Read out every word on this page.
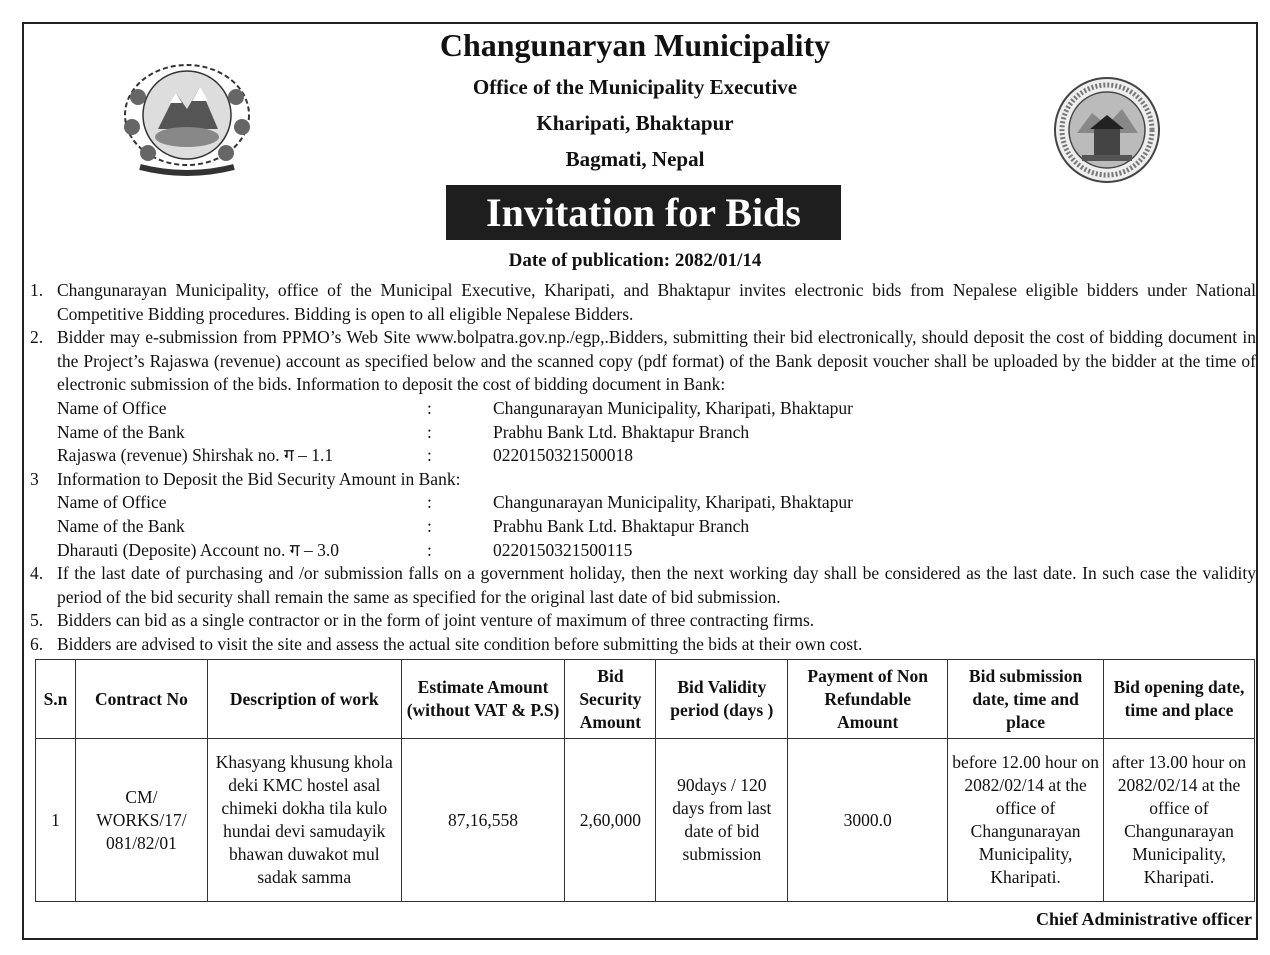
Changunaryan Municipality
Office of the Municipality Executive
Kharipati, Bhaktapur
Bagmati, Nepal
Invitation for Bids
Date of publication: 2082/01/14
1. Changunarayan Municipality, office of the Municipal Executive, Kharipati, and Bhaktapur invites electronic bids from Nepalese eligible bidders under National Competitive Bidding procedures. Bidding is open to all eligible Nepalese Bidders.
2. Bidder may e-submission from PPMO’s Web Site www.bolpatra.gov.np./egp,.Bidders, submitting their bid electronically, should deposit the cost of bidding document in the Project’s Rajaswa (revenue) account as specified below and the scanned copy (pdf format) of the Bank deposit voucher shall be uploaded by the bidder at the time of electronic submission of the bids. Information to deposit the cost of bidding document in Bank:
Name of Office	:	Changunarayan Municipality, Kharipati, Bhaktapur
Name of the Bank	:	Prabhu Bank Ltd. Bhaktapur Branch
Rajaswa (revenue) Shirshak no. ग – 1.1	:	0220150321500018
3 Information to Deposit the Bid Security Amount in Bank:
Name of Office	:	Changunarayan Municipality, Kharipati, Bhaktapur
Name of the Bank	:	Prabhu Bank Ltd. Bhaktapur Branch
Dharauti (Deposite) Account no. ग – 3.0	:	0220150321500115
4. If the last date of purchasing and /or submission falls on a government holiday, then the next working day shall be considered as the last date. In such case the validity period of the bid security shall remain the same as specified for the original last date of bid submission.
5. Bidders can bid as a single contractor or in the form of joint venture of maximum of three contracting firms.
6. Bidders are advised to visit the site and assess the actual site condition before submitting the bids at their own cost.
S.n	Contract No	Description of work	Estimate Amount (without VAT & P.S)	Bid Security Amount	Bid Validity period (days )	Payment of Non Refundable Amount	Bid submission date, time and place	Bid opening date, time and place
1	CM/ WORKS/17/ 081/82/01	Khasyang khusung khola deki KMC hostel asal chimeki dokha tila kulo hundai devi samudayik bhawan duwakot mul sadak samma	87,16,558	2,60,000	90days / 120 days from last date of bid submission	3000.0	before 12.00 hour on 2082/02/14 at the office of Changunarayan Municipality, Kharipati.	after 13.00 hour on 2082/02/14 at the office of Changunarayan Municipality, Kharipati.
Chief Administrative officer
